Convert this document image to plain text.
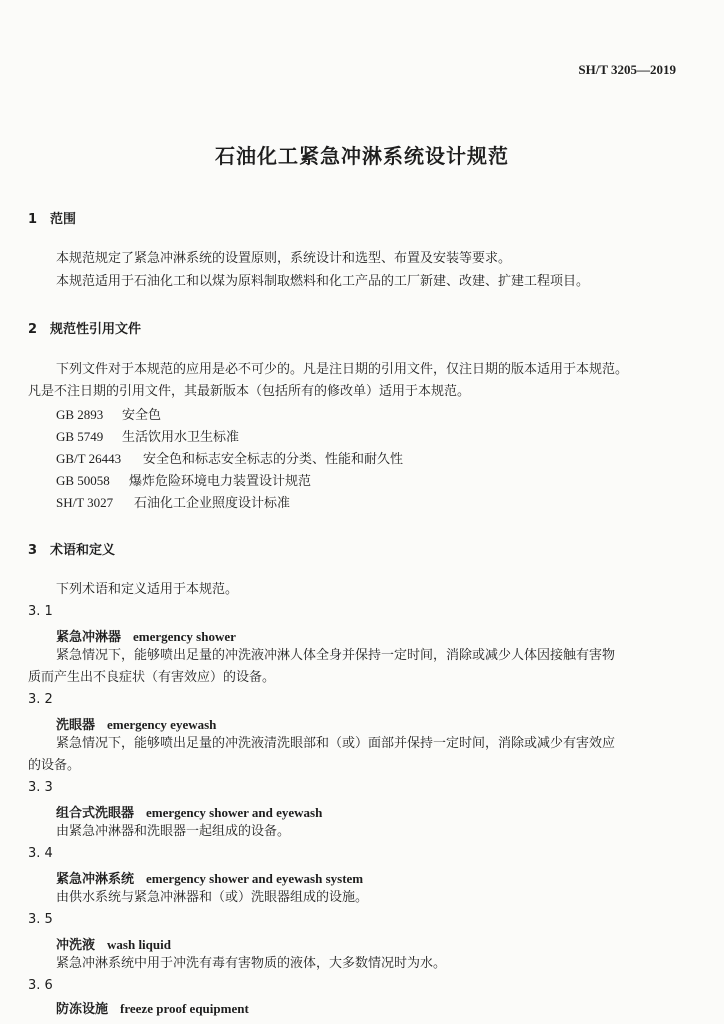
SH/T 3205—2019
石油化工紧急冲淋系统设计规范
1 范围
本规范规定了紧急冲淋系统的设置原则，系统设计和选型、布置及安装等要求。
本规范适用于石油化工和以煤为原料制取燃料和化工产品的工厂新建、改建、扩建工程项目。
2 规范性引用文件
下列文件对于本规范的应用是必不可少的。凡是注日期的引用文件，仅注日期的版本适用于本规范。
凡是不注日期的引用文件，其最新版本（包括所有的修改单）适用于本规范。
GB 2893 安全色
GB 5749 生活饮用水卫生标准
GB/T 26443 安全色和标志安全标志的分类、性能和耐久性
GB 50058 爆炸危险环境电力装置设计规范
SH/T 3027 石油化工企业照度设计标准
3 术语和定义
下列术语和定义适用于本规范。
3. 1
紧急冲淋器 emergency shower
紧急情况下，能够喷出足量的冲洗液冲淋人体全身并保持一定时间，消除或减少人体因接触有害物
质而产生出不良症状（有害效应）的设备。
3. 2
洗眼器 emergency eyewash
紧急情况下，能够喷出足量的冲洗液清洗眼部和（或）面部并保持一定时间，消除或减少有害效应
的设备。
3. 3
组合式洗眼器 emergency shower and eyewash
由紧急冲淋器和洗眼器一起组成的设备。
3. 4
紧急冲淋系统 emergency shower and eyewash system
由供水系统与紧急冲淋器和（或）洗眼器组成的设施。
3. 5
冲洗液 wash liquid
紧急冲淋系统中用于冲洗有毒有害物质的液体，大多数情况时为水。
3. 6
防冻设施 freeze proof equipment
